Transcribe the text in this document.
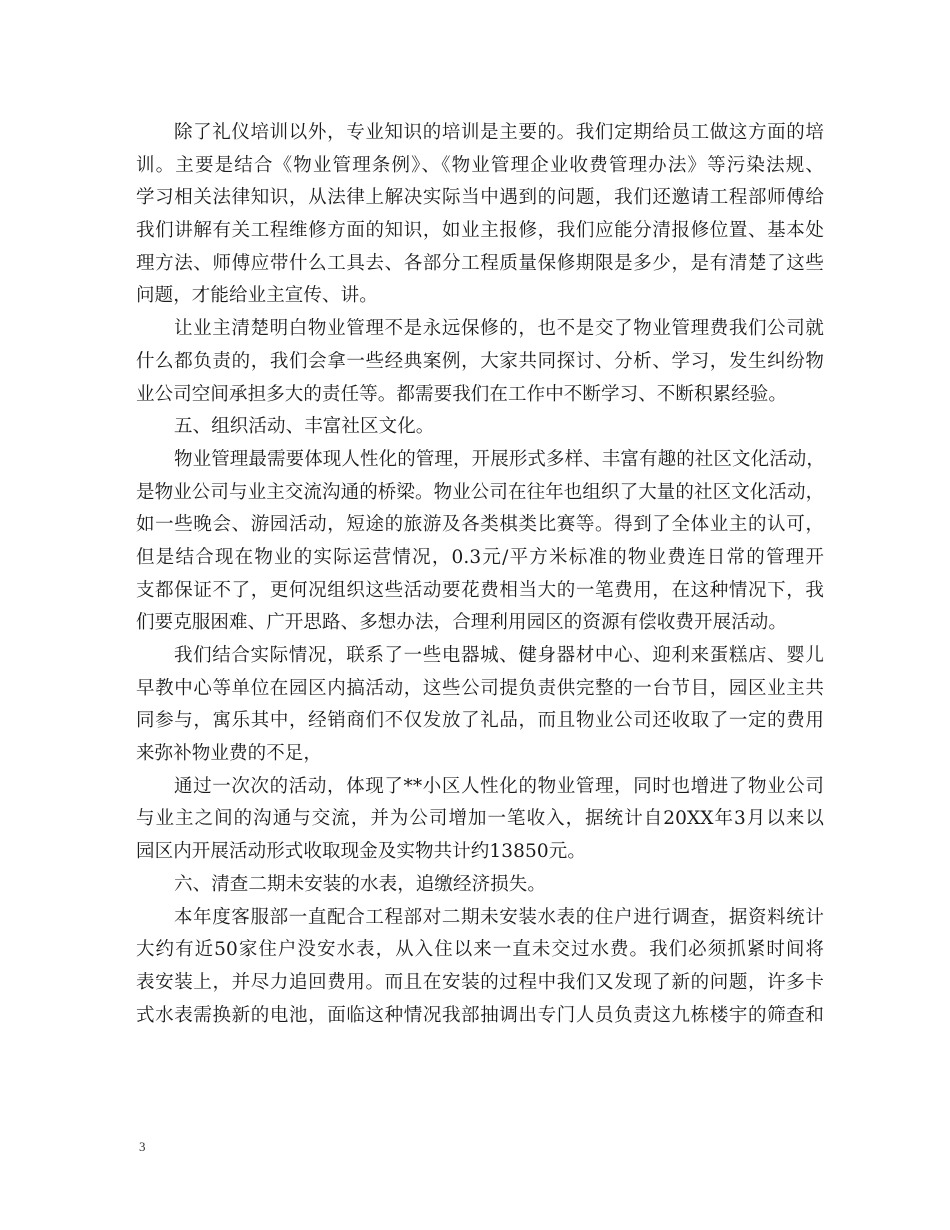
除了礼仪培训以外，专业知识的培训是主要的。我们定期给员工做这方面的培
训。主要是结合《物业管理条例》、《物业管理企业收费管理办法》等污染法规、
学习相关法律知识，从法律上解决实际当中遇到的问题，我们还邀请工程部师傅给
我们讲解有关工程维修方面的知识，如业主报修，我们应能分清报修位置、基本处
理方法、师傅应带什么工具去、各部分工程质量保修期限是多少，是有清楚了这些
问题，才能给业主宣传、讲。
让业主清楚明白物业管理不是永远保修的，也不是交了物业管理费我们公司就
什么都负责的，我们会拿一些经典案例，大家共同探讨、分析、学习，发生纠纷物
业公司空间承担多大的责任等。都需要我们在工作中不断学习、不断积累经验。
五、组织活动、丰富社区文化。
物业管理最需要体现人性化的管理，开展形式多样、丰富有趣的社区文化活动，
是物业公司与业主交流沟通的桥梁。物业公司在往年也组织了大量的社区文化活动，
如一些晚会、游园活动，短途的旅游及各类棋类比赛等。得到了全体业主的认可，
但是结合现在物业的实际运营情况，0.3元/平方米标准的物业费连日常的管理开
支都保证不了，更何况组织这些活动要花费相当大的一笔费用，在这种情况下，我
们要克服困难、广开思路、多想办法，合理利用园区的资源有偿收费开展活动。
我们结合实际情况，联系了一些电器城、健身器材中心、迎利来蛋糕店、婴儿
早教中心等单位在园区内搞活动，这些公司提负责供完整的一台节目，园区业主共
同参与，寓乐其中，经销商们不仅发放了礼品，而且物业公司还收取了一定的费用
来弥补物业费的不足，
通过一次次的活动，体现了**小区人性化的物业管理，同时也增进了物业公司
与业主之间的沟通与交流，并为公司增加一笔收入，据统计自20XX年3月以来以
园区内开展活动形式收取现金及实物共计约13850元。
六、清查二期未安装的水表，追缴经济损失。
本年度客服部一直配合工程部对二期未安装水表的住户进行调查，据资料统计
大约有近50家住户没安水表，从入住以来一直未交过水费。我们必须抓紧时间将
表安装上，并尽力追回费用。而且在安装的过程中我们又发现了新的问题，许多卡
式水表需换新的电池，面临这种情况我部抽调出专门人员负责这九栋楼宇的筛查和
3
